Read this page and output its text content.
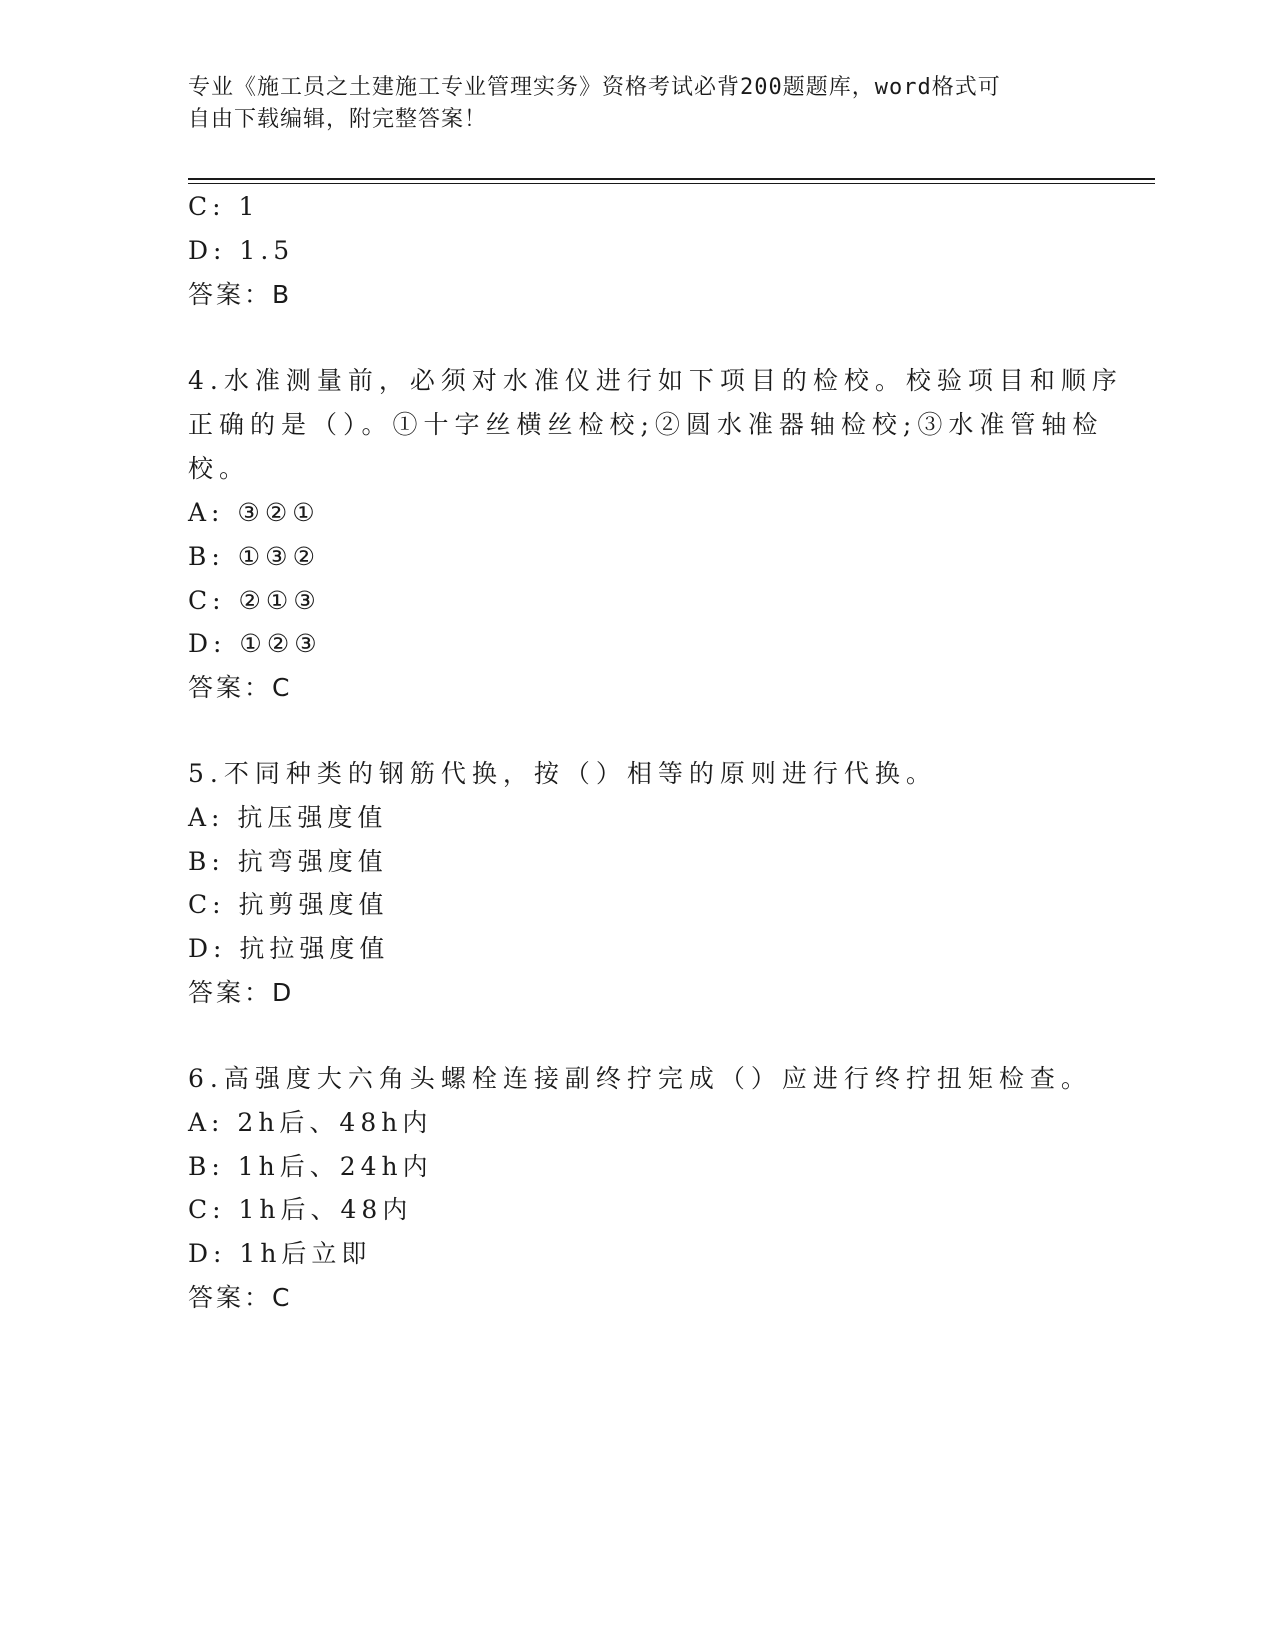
专业《施工员之土建施工专业管理实务》资格考试必背200题题库，word格式可
自由下载编辑，附完整答案！
C: 1
D: 1.5
答案：B
4.水准测量前，必须对水准仪进行如下项目的检校。校验项目和顺序
正确的是（）。①十字丝横丝检校;②圆水准器轴检校;③水准管轴检
校。
A: ③②①
B: ①③②
C: ②①③
D: ①②③
答案：C
5.不同种类的钢筋代换，按（）相等的原则进行代换。
A: 抗压强度值
B: 抗弯强度值
C: 抗剪强度值
D: 抗拉强度值
答案：D
6.高强度大六角头螺栓连接副终拧完成（）应进行终拧扭矩检查。
A: 2h后、48h内
B: 1h后、24h内
C: 1h后、48内
D: 1h后立即
答案：C
